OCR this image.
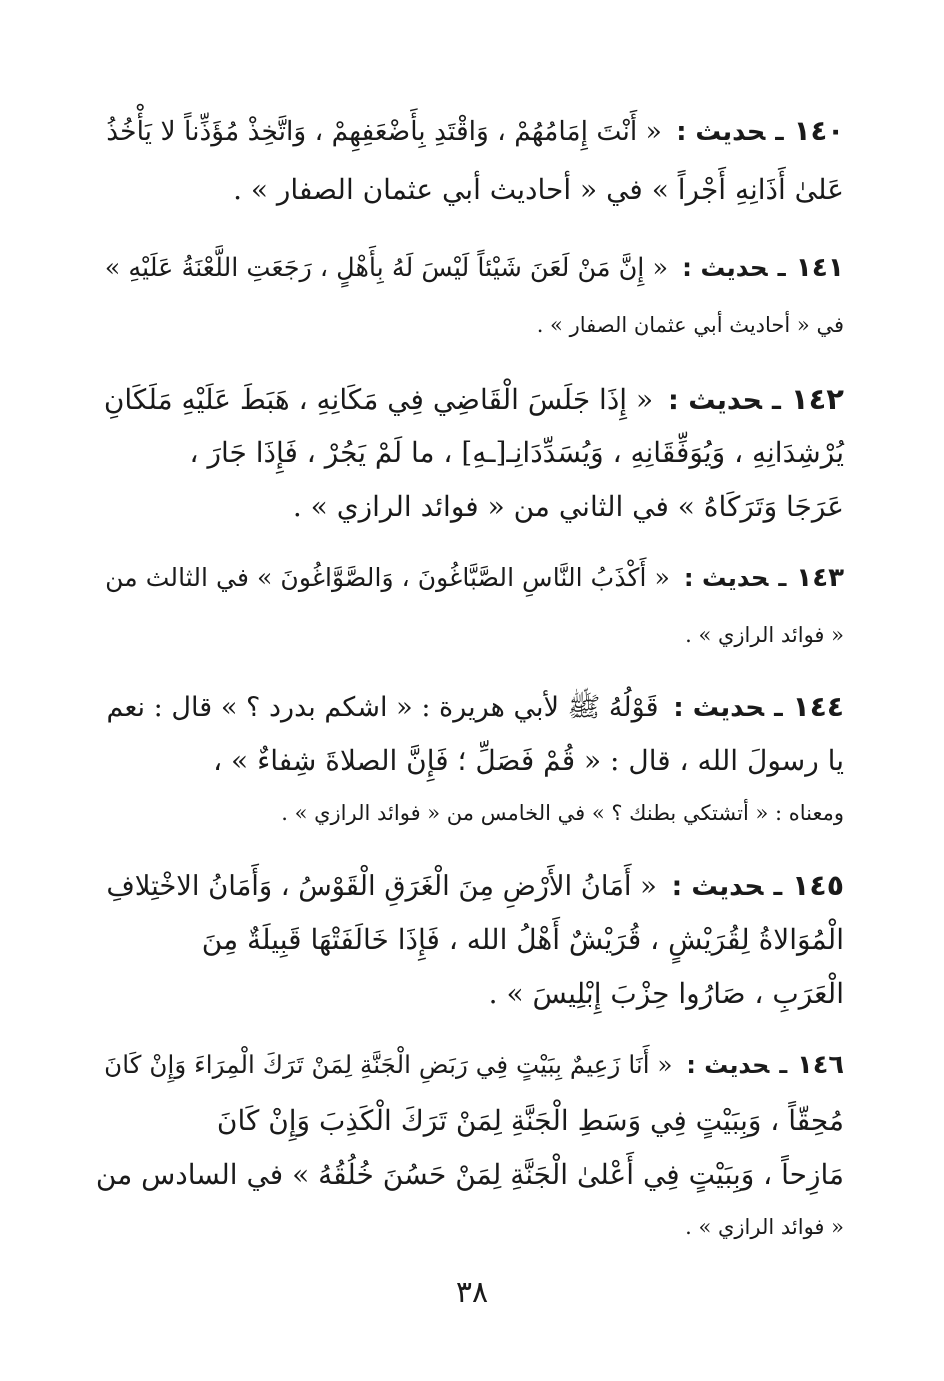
١٤٠ـحديث : « أَنْتَ إِمَامُهُمْ ، وَاقْتَدِ بِأَضْعَفِهِمْ ، وَاتَّخِذْ مُؤَذِّناً لا يَأْخُذُ
عَلىٰ أَذَانِهِ أَجْراً » في « أحاديث أبي عثمان الصفار » .
١٤١ـحديث : « إِنَّ مَنْ لَعَنَ شَيْئاً لَيْسَ لَهُ بِأَهْلٍ ، رَجَعَتِ اللَّعْنَةُ عَلَيْهِ »
في « أحاديث أبي عثمان الصفار » .
١٤٢ـحديث : « إِذَا جَلَسَ الْقَاضِي فِي مَكَانِهِ ، هَبَطَ عَلَيْهِ مَلَكَانِ
يُرْشِدَانِهِ ، وَيُوَفِّقَانِهِ ، وَيُسَدِّدَانِـ[ـهِ] ، ما لَمْ يَجُرْ ، فَإِذَا جَارَ ،
عَرَجَا وَتَرَكَاهُ » في الثاني من « فوائد الرازي » .
١٤٣ـحديث : « أَكْذَبُ النَّاسِ الصَّبَّاغُونَ ، وَالصَّوَّاغُونَ » في الثالث من
« فوائد الرازي » .
١٤٤ـحديث : قَوْلُهُ ﷺ لأبي هريرة : « اشكم بدرد ؟ » قال : نعم
يا رسولَ الله ، قال : « قُمْ فَصَلِّ ؛ فَإِنَّ الصلاةَ شِفاءٌ » ،
ومعناه : « أتشتكي بطنك ؟ » في الخامس من « فوائد الرازي » .
١٤٥ـحديث : « أَمَانُ الأَرْضِ مِنَ الْغَرَقِ الْقَوْسُ ، وَأَمَانُ الاخْتِلافِ
الْمُوَالاةُ لِقُرَيْشٍ ، قُرَيْشٌ أَهْلُ الله ، فَإِذَا خَالَفَتْهَا قَبِيلَةٌ مِنَ
الْعَرَبِ ، صَارُوا حِزْبَ إِبْلِيسَ » .
١٤٦ـحديث : « أَنَا زَعِيمٌ بِبَيْتٍ فِي رَبَضِ الْجَنَّةِ لِمَنْ تَرَكَ الْمِرَاءَ وَإِنْ كَانَ
مُحِقّاً ، وَبِبَيْتٍ فِي وَسَطِ الْجَنَّةِ لِمَنْ تَرَكَ الْكَذِبَ وَإِنْ كَانَ
مَازِحاً ، وَبِبَيْتٍ فِي أَعْلىٰ الْجَنَّةِ لِمَنْ حَسُنَ خُلُقُهُ » في السادس من
« فوائد الرازي » .
٣٨
